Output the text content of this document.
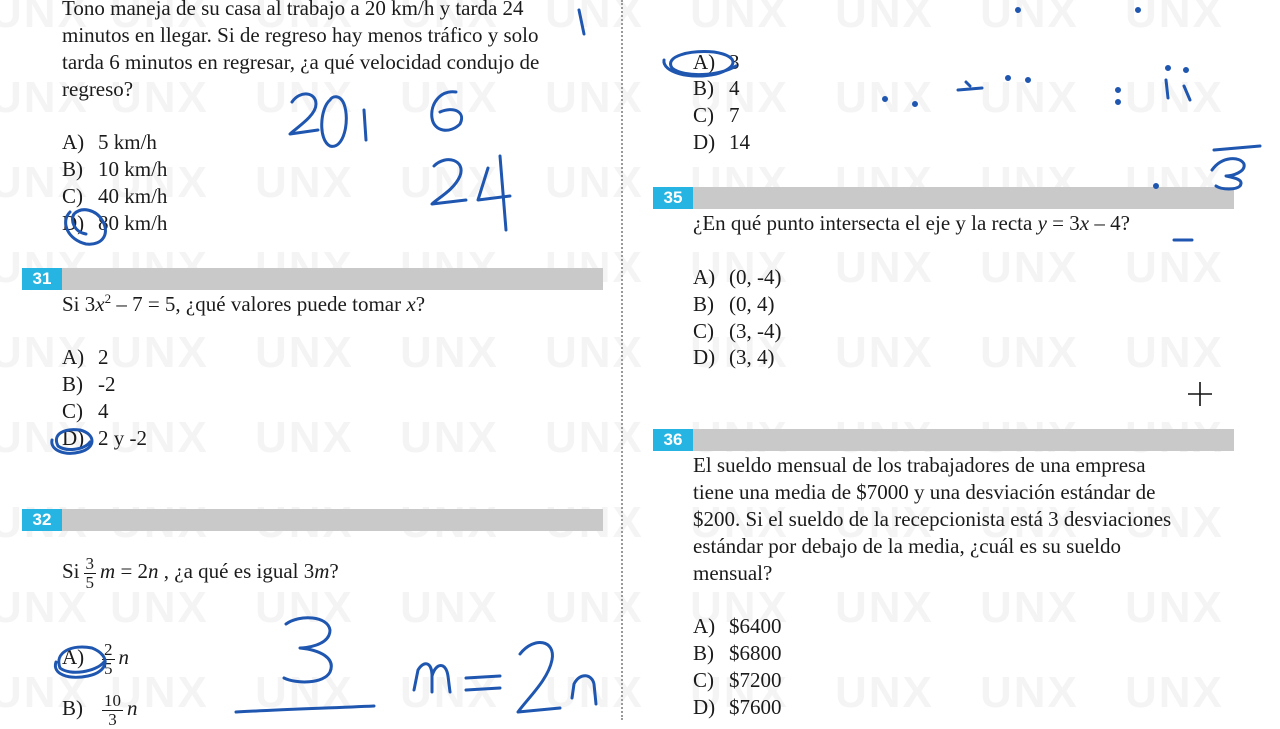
Tono maneja de su casa al trabajo a 20 km/h y tarda 24
minutos en llegar. Si de regreso hay menos tráfico y solo
tarda 6 minutos en regresar, ¿a qué velocidad condujo de
regreso?
A) 5 km/h
B) 10 km/h
C) 40 km/h
D) 80 km/h
31
Si $3x^2 - 7 = 5$, ¿qué valores puede tomar x?
A) 2
B) -2
C) 4
D) 2 y -2
32
Si $\frac{3}{5}$ m = 2n , ¿a qué es igual 3m?
$A) \frac{2}{5}$ n
$B) \frac{10}{3}$ n
A) 3
B) 4
C) 7
D) 14
35
¿En qué punto intersecta el eje y la recta y = 3x – 4?
A) (0, -4)
B) (0, 4)
C) (3, -4)
D) (3, 4)
36
El sueldo mensual de los trabajadores de una empresa
tiene una media de $7000 y una desviación estándar de
$200. Si el sueldo de la recepcionista está 3 desviaciones
estándar por debajo de la media, ¿cuál es su sueldo
mensual?
A) $6400
B) $6800
C) $7200
D) $7600
